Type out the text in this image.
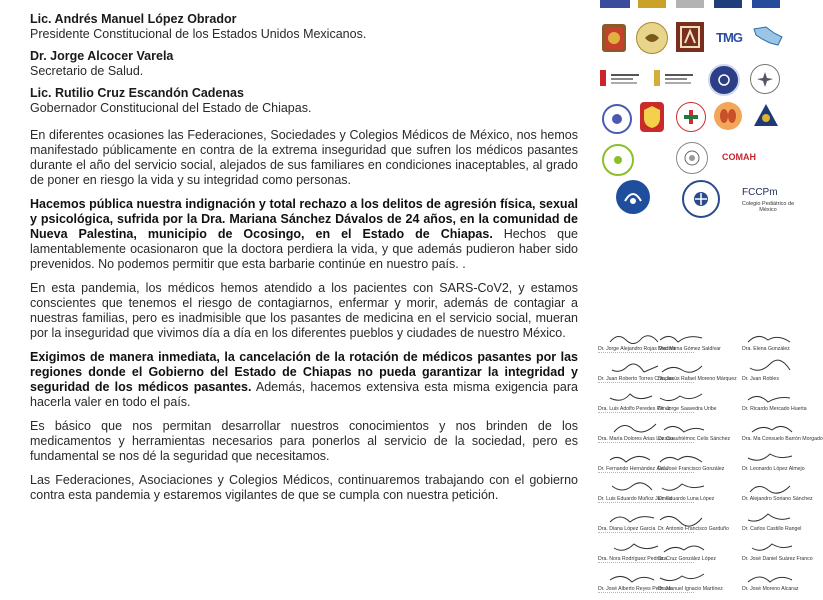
Lic. Andrés Manuel López Obrador
Presidente Constitucional de los Estados Unidos Mexicanos.
Dr. Jorge Alcocer Varela
Secretario de Salud.
Lic. Rutilio Cruz Escandón Cadenas
Gobernador Constitucional del Estado de Chiapas.

En diferentes ocasiones las Federaciones, Sociedades y Colegios Médicos de México, nos hemos manifestado públicamente en contra de la extrema inseguridad que sufren los médicos pasantes durante el año del servicio social, alejados de sus familiares en condiciones inaceptables, al grado de poner en riesgo la vida y su integridad como personas.

Hacemos pública nuestra indignación y total rechazo a los delitos de agresión física, sexual y psicológica, sufrida por la Dra. Mariana Sánchez Dávalos de 24 años, en la comunidad de Nueva Palestina, municipio de Ocosingo, en el Estado de Chiapas. Hechos que lamentablemente ocasionaron que la doctora perdiera la vida, y que además pudieron haber sido prevenidos. No podemos permitir que esta barbarie continúe en nuestro país. .

En esta pandemia, los médicos hemos atendido a los pacientes con SARS-CoV2, y estamos conscientes que tenemos el riesgo de contagiarnos, enfermar y morir, además de contagiar a nuestras familias, pero es inadmisible que los pasantes de medicina en el servicio social, mueran por la inseguridad que vivimos día a día en los diferentes pueblos y ciudades de nuestro México.

Exigimos de manera inmediata, la cancelación de la rotación de médicos pasantes por las regiones donde el Gobierno del Estado de Chiapas no pueda garantizar la integridad y seguridad de los médicos pasantes. Además, hacemos extensiva esta misma exigencia para hacerla valer en todo el país.

Es básico que nos permitan desarrollar nuestros conocimientos y nos brinden de los medicamentos y herramientas necesarios para ponerlos al servicio de la sociedad, pero es fundamental se nos dé la seguridad que necesitamos.

Las Federaciones, Asociaciones y Colegios Médicos, continuaremos trabajando con el gobierno contra esta pandemia y estaremos vigilantes de que se cumpla con nuestra petición.

TMG
COMAH
FCCPm
Colegio Pediátrico de México
Dr. Jorge Alejandro Rojas Medina
Dr. Juan Roberto Torres Chiapas
Dra. Luis Adolfo Peredes Pérez
Dra. María Dolores Arias Lozano
Dr. Fernando Hernández Ávila
Dr. Luis Eduardo Muñoz Jaimes
Dra. Diana López García
Dra. Nora Rodríguez Pedraza
Dr. José Alberto Reyes Pedraza
Dra. Mirna Gómez Saldívar
Dr. Jesús Rafael Moreno Márquez
Dr. Jorge Saavedra Uribe
Dr. Cuauhtémoc Celis Sánchez
Dr. José Francisco González
Dr. Eduardo Luna López
Dr. Antonio Francisco Garduño
Dr. Cruz González López
Dr. Manuel Ignacio Martínez
Dra. Elena González
Dr. Juan Robles
Dr. Ricardo Mercado Huerta
Dra. Ma Consuelo Barrón Morgado
Dr. Leonardo López Almejo
Dr. Alejandro Soriano Sánchez
Dr. Carlos Castillo Rangel
Dr. José Daniel Suárez Franco
Dr. José Moreno Alcaraz
